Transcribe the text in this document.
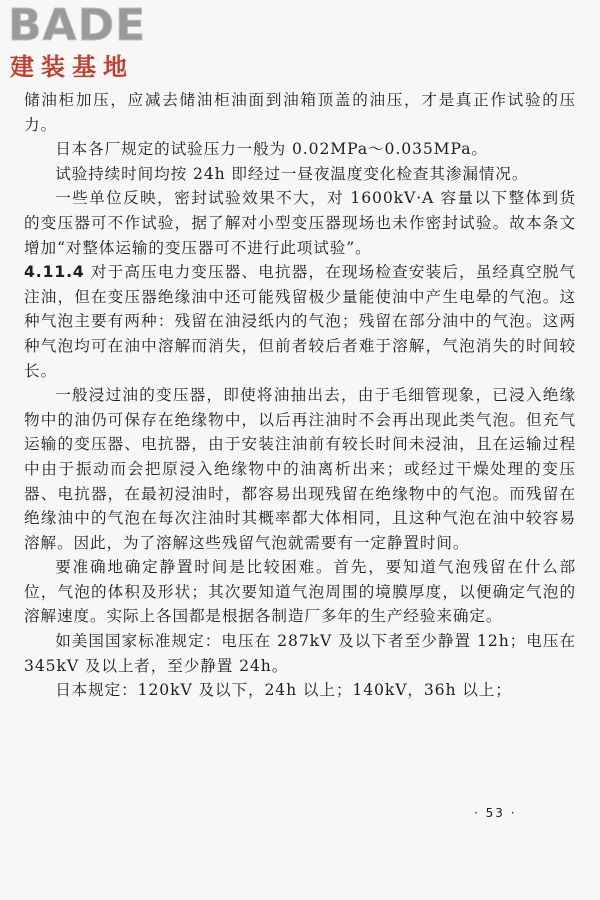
BADE
建装基地

储油柜加压，应减去储油柜油面到油箱顶盖的油压，才是真正作试验的压力。

日本各厂规定的试验压力一般为 0.02MPa～0.035MPa。

试验持续时间均按 24h 即经过一昼夜温度变化检查其渗漏情况。

一些单位反映，密封试验效果不大，对 1600kV·A 容量以下整体到货的变压器可不作试验，据了解对小型变压器现场也未作密封试验。故本条文增加“对整体运输的变压器可不进行此项试验”。

4.11.4 对于高压电力变压器、电抗器，在现场检查安装后，虽经真空脱气注油，但在变压器绝缘油中还可能残留极少量能使油中产生电晕的气泡。这种气泡主要有两种：残留在油浸纸内的气泡；残留在部分油中的气泡。这两种气泡均可在油中溶解而消失，但前者较后者难于溶解，气泡消失的时间较长。

一般浸过油的变压器，即使将油抽出去，由于毛细管现象，已浸入绝缘物中的油仍可保存在绝缘物中，以后再注油时不会再出现此类气泡。但充气运输的变压器、电抗器，由于安装注油前有较长时间未浸油，且在运输过程中由于振动而会把原浸入绝缘物中的油离析出来；或经过干燥处理的变压器、电抗器，在最初浸油时，都容易出现残留在绝缘物中的气泡。而残留在绝缘油中的气泡在每次注油时其概率都大体相同，且这种气泡在油中较容易溶解。因此，为了溶解这些残留气泡就需要有一定静置时间。

要准确地确定静置时间是比较困难。首先，要知道气泡残留在什么部位，气泡的体积及形状；其次要知道气泡周围的境膜厚度，以便确定气泡的溶解速度。实际上各国都是根据各制造厂多年的生产经验来确定。

如美国国家标准规定：电压在 287kV 及以下者至少静置 12h；电压在 345kV 及以上者，至少静置 24h。

日本规定：120kV 及以下，24h 以上；140kV，36h 以上；

· 53 ·
